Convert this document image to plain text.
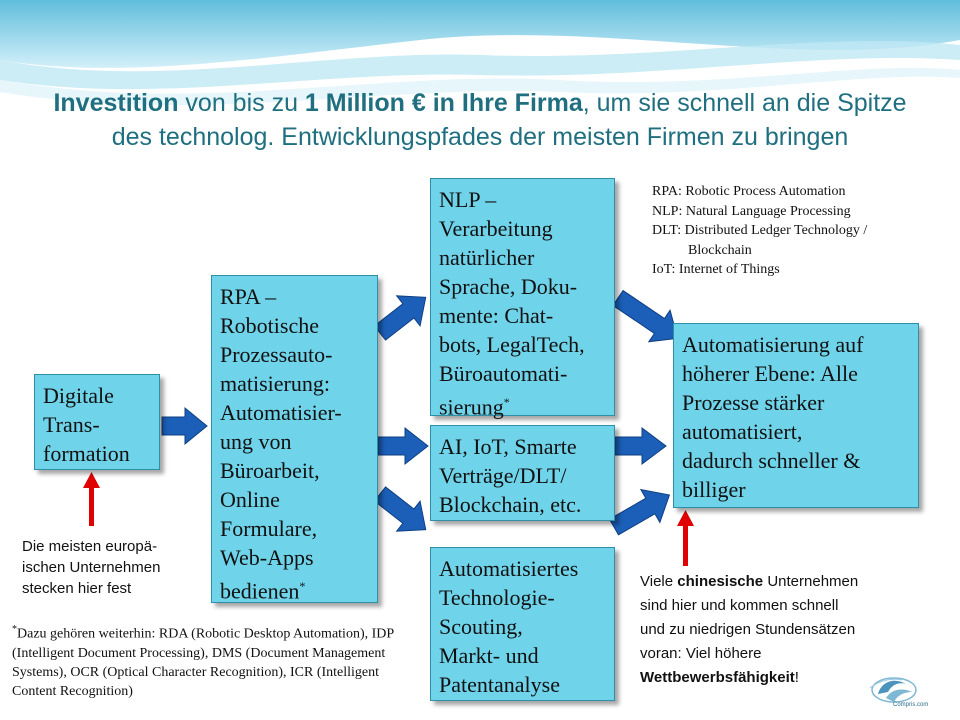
Investition von bis zu 1 Million € in Ihre Firma, um sie schnell an die Spitze
des technolog. Entwicklungspfades der meisten Firmen zu bringen
Digitale
Trans-
formation
RPA –
Robotische
Prozessauto-
matisierung:
Automatisier-
ung von
Büroarbeit,
Online
Formulare,
Web-Apps
bedienen*
NLP –
Verarbeitung
natürlicher
Sprache, Doku-
mente: Chat-
bots, LegalTech,
Büroautomati-
sierung*
AI, IoT, Smarte
Verträge/DLT/
Blockchain, etc.
Automatisiertes
Technologie-
Scouting,
Markt- und
Patentanalyse
Automatisierung auf
höherer Ebene: Alle
Prozesse stärker
automatisiert,
dadurch schneller &
billiger
RPA: Robotic Process Automation
NLP: Natural Language Processing
DLT: Distributed Ledger Technology /
Blockchain
IoT: Internet of Things
Die meisten europä-
ischen Unternehmen
stecken hier fest	Viele chinesische Unternehmen
sind hier und kommen schnell
und zu niedrigen Stundensätzen
voran: Viel höhere
Wettbewerbsfähigkeit!
*Dazu gehören weiterhin: RDA (Robotic Desktop Automation), IDP (Intelligent Document Processing), DMS (Document Management Systems), OCR (Optical Character Recognition), ICR (Intelligent Content Recognition)
Compris.com
